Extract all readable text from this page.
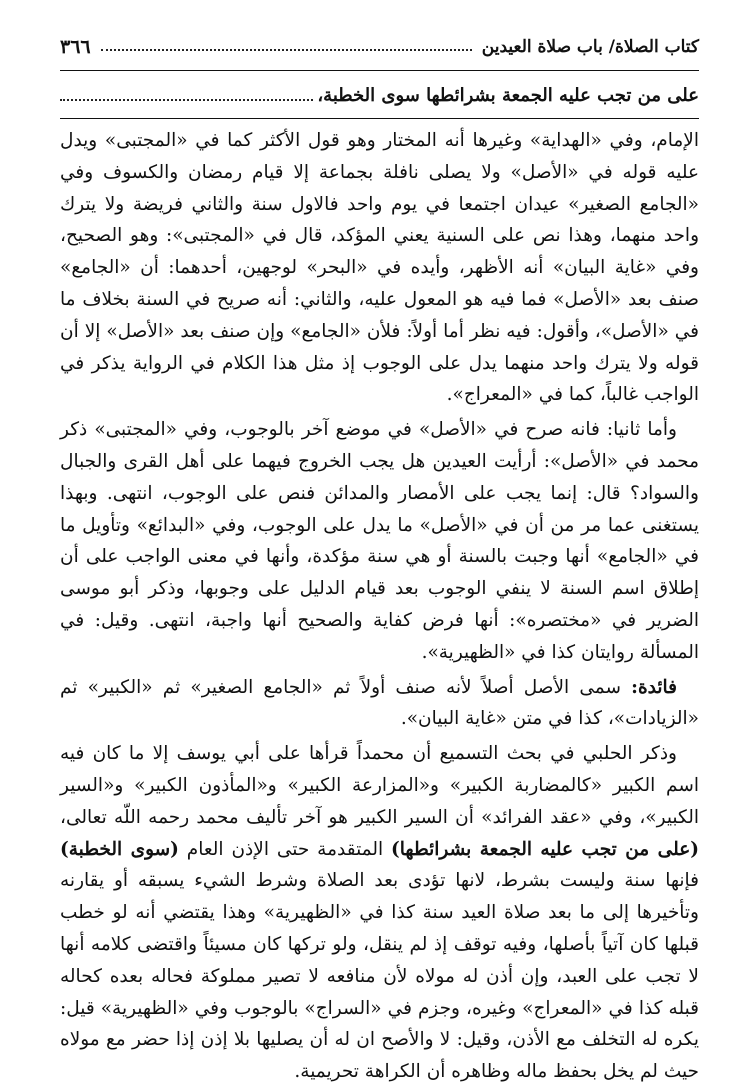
كتاب الصلاة/ باب صلاة العيدين
٣٦٦
على من تجب عليه الجمعة بشرائطها سوى الخطبة،

الإمام، وفي «الهداية» وغيرها أنه المختار وهو قول الأكثر كما في «المجتبى» ويدل عليه قوله في «الأصل» ولا يصلى نافلة بجماعة إلا قيام رمضان والكسوف وفي «الجامع الصغير» عيدان اجتمعا في يوم واحد فالاول سنة والثاني فريضة ولا يترك واحد منهما، وهذا نص على السنية يعني المؤكد، قال في «المجتبى»: وهو الصحيح، وفي «غاية البيان» أنه الأظهر، وأيده في «البحر» لوجهين، أحدهما: أن «الجامع» صنف بعد «الأصل» فما فيه هو المعول عليه، والثاني: أنه صريح في السنة بخلاف ما في «الأصل»، وأقول: فيه نظر أما أولاً: فلأن «الجامع» وإن صنف بعد «الأصل» إلا أن قوله ولا يترك واحد منهما يدل على الوجوب إذ مثل هذا الكلام في الرواية يذكر في الواجب غالباً، كما في «المعراج».

وأما ثانيا: فانه صرح في «الأصل» في موضع آخر بالوجوب، وفي «المجتبى» ذكر محمد في «الأصل»: أرأيت العيدين هل يجب الخروج فيهما على أهل القرى والجبال والسواد؟ قال: إنما يجب على الأمصار والمدائن فنص على الوجوب، انتهى. وبهذا يستغنى عما مر من أن في «الأصل» ما يدل على الوجوب، وفي «البدائع» وتأويل ما في «الجامع» أنها وجبت بالسنة أو هي سنة مؤكدة، وأنها في معنى الواجب على أن إطلاق اسم السنة لا ينفي الوجوب بعد قيام الدليل على وجوبها، وذكر أبو موسى الضرير في «مختصره»: أنها فرض كفاية والصحيح أنها واجبة، انتهى. وقيل: في المسألة روايتان كذا في «الظهيرية».

فائدة: سمى الأصل أصلاً لأنه صنف أولاً ثم «الجامع الصغير» ثم «الكبير» ثم «الزيادات»، كذا في متن «غاية البيان».

وذكر الحلبي في بحث التسميع أن محمداً قرأها على أبي يوسف إلا ما كان فيه اسم الكبير «كالمضاربة الكبير» و«المزارعة الكبير» و«المأذون الكبير» و«السير الكبير»، وفي «عقد الفرائد» أن السير الكبير هو آخر تأليف محمد رحمه اللّه تعالى، (على من تجب عليه الجمعة بشرائطها) المتقدمة حتى الإذن العام (سوى الخطبة) فإنها سنة وليست بشرط، لانها تؤدى بعد الصلاة وشرط الشيء يسبقه أو يقارنه وتأخيرها إلى ما بعد صلاة العيد سنة كذا في «الظهيرية» وهذا يقتضي أنه لو خطب قبلها كان آتياً بأصلها، وفيه توقف إذ لم ينقل، ولو تركها كان مسيئاً واقتضى كلامه أنها لا تجب على العبد، وإن أذن له مولاه لأن منافعه لا تصير مملوكة فحاله بعده كحاله قبله كذا في «المعراج» وغيره، وجزم في «السراج» بالوجوب وفي «الظهيرية» قيل: يكره له التخلف مع الأذن، وقيل: لا والأصح ان له أن يصليها بلا إذن إذا حضر مع مولاه حيث لم يخل بحفظ ماله وظاهره أن الكراهة تحريمية.
